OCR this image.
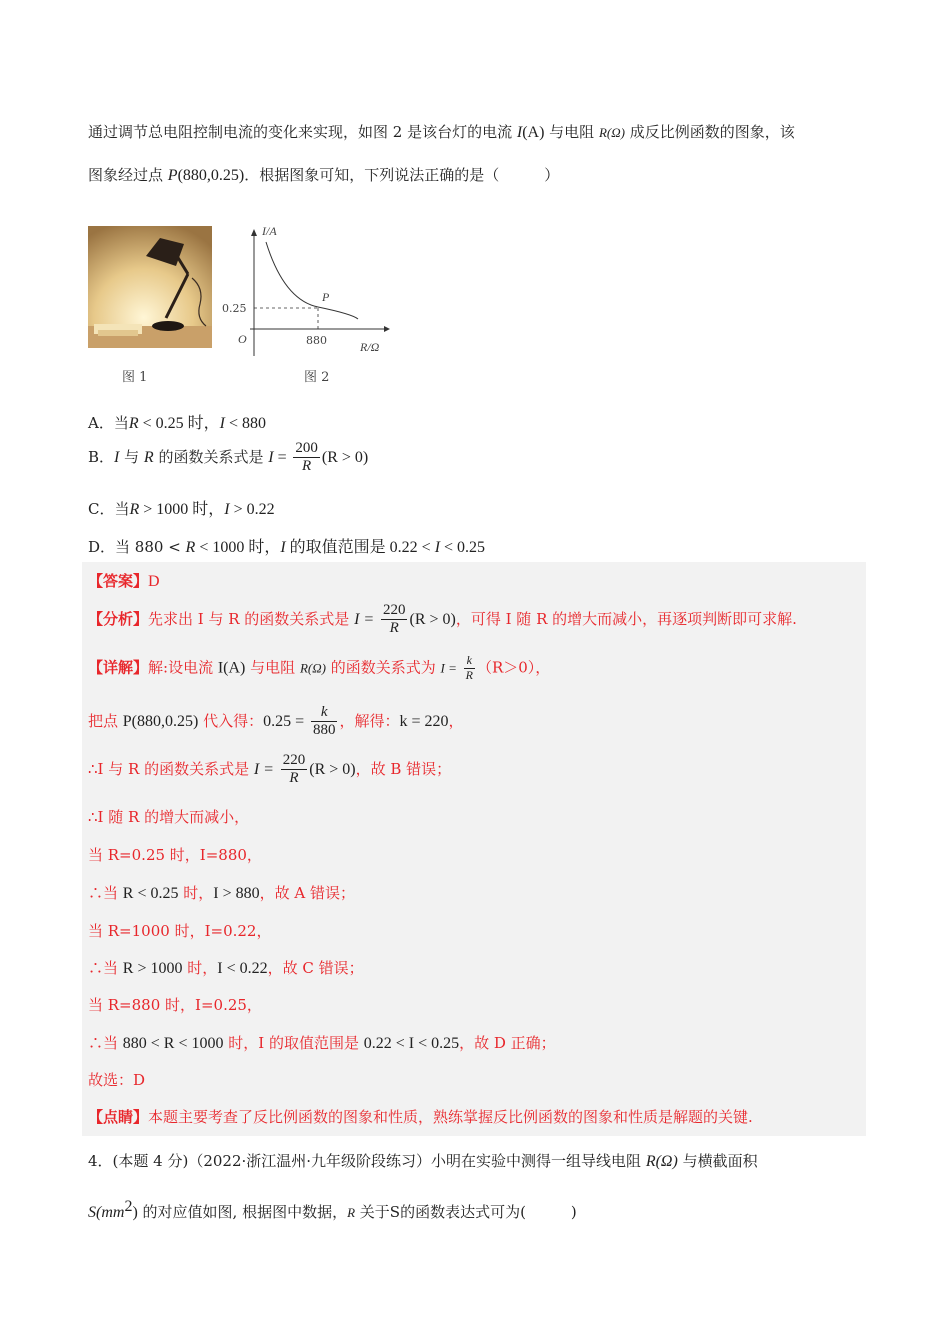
通过调节总电阻控制电流的变化来实现，如图 2 是该台灯的电流 I(A) 与电阻 R(Ω) 成反比例函数的图象，该
图象经过点 P(880,0.25)．根据图象可知，下列说法正确的是（　　　）
图 1
I/A
R/Ω
O
P
0.25
880
图 2
A．当R < 0.25 时，I < 880
B．I 与 R 的函数关系式是 $I = \frac{200}{R} (R > 0)$
C．当R > 1000 时，I > 0.22
D．当 880 < R < 1000 时，I 的取值范围是 0.22 < I < 0.25
【答案】D
【分析】先求出 I 与 R 的函数关系式是 $I = \frac{220}{R} (R > 0)$，可得 I 随 R 的增大而减小，再逐项判断即可求解.
【详解】解:设电流 I(A) 与电阻 R(Ω) 的函数关系式为 $I = \frac{k}{R} (R>0)$，
把点 P(880,0.25) 代入得：$0.25 = \frac{k}{880}$ ，解得：k = 220，
∴I 与 R 的函数关系式是 $I = \frac{220}{R} (R > 0)$，故 B 错误；
∴I 随 R 的增大而减小，
当 R=0.25 时，I=880，
∴当 R < 0.25 时，I > 880，故 A 错误；
当 R=1000 时，I=0.22，
∴当 R > 1000 时，I < 0.22，故 C 错误；
当 R=880 时，I=0.25，
∴当 880 < R < 1000 时，I 的取值范围是 0.22 < I < 0.25，故 D 正确；
故选：D
【点睛】本题主要考查了反比例函数的图象和性质，熟练掌握反比例函数的图象和性质是解题的关键.
4．(本题 4 分)（2022·浙江温州·九年级阶段练习）小明在实验中测得一组导线电阻 R(Ω) 与横截面积
$S(mm^2)$ 的对应值如图, 根据图中数据，R 关于S的函数表达式可为(　　　)
